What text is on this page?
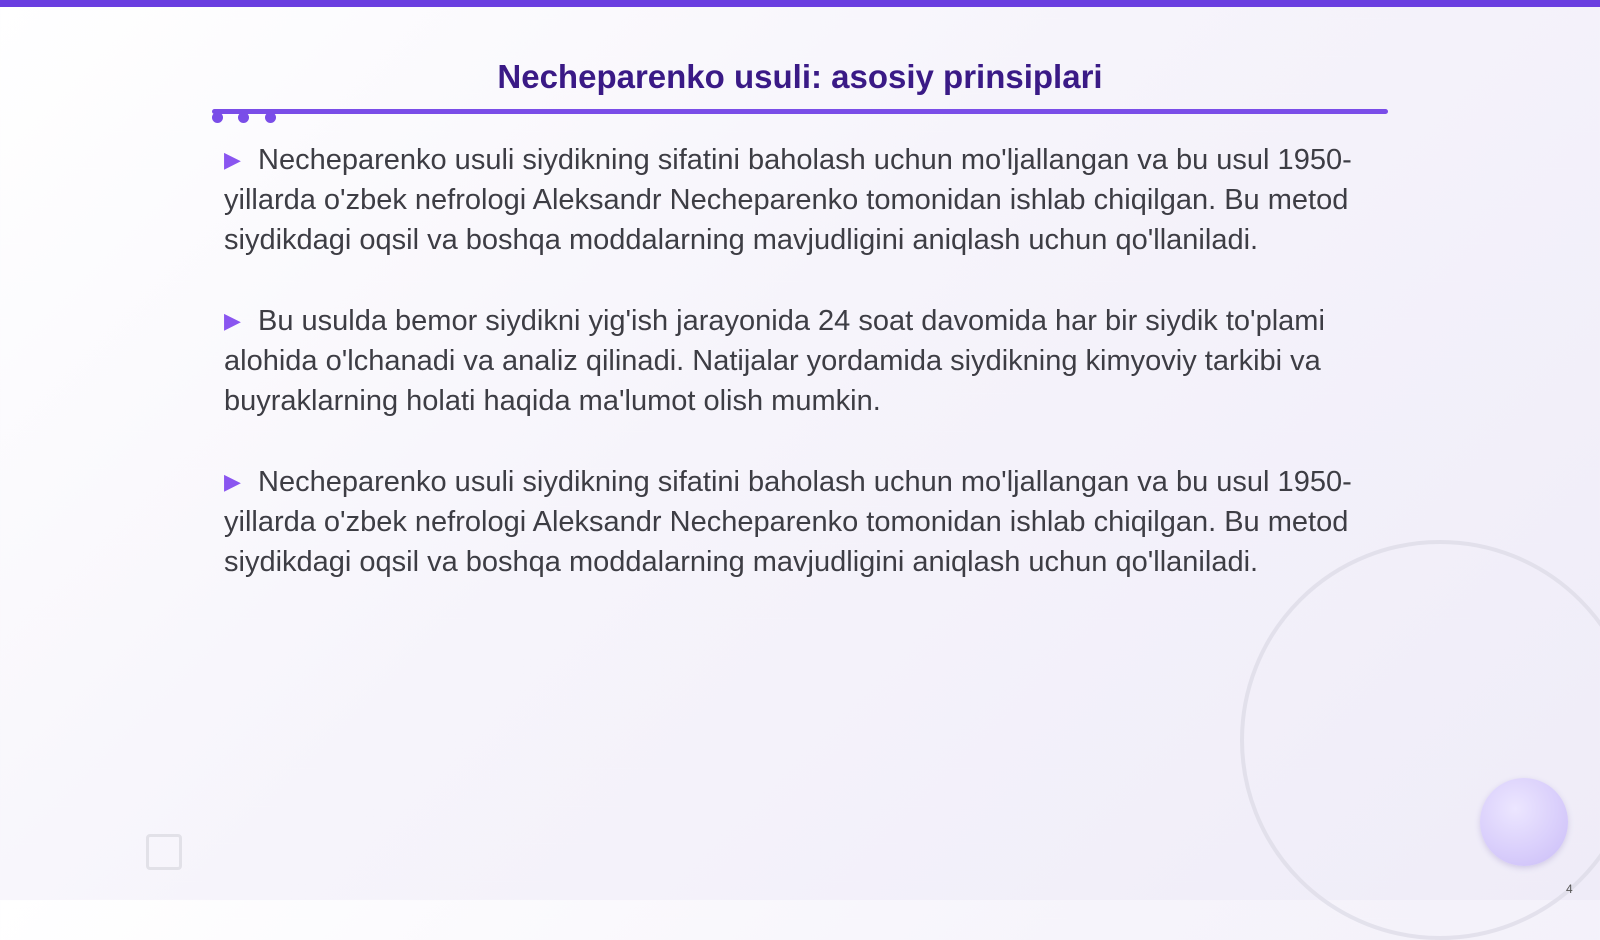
Necheparenko usuli: asosiy prinsiplari

▶ Necheparenko usuli siydikning sifatini baholash uchun mo'ljallangan va bu usul 1950-yillarda o'zbek nefrologi Aleksandr Necheparenko tomonidan ishlab chiqilgan. Bu metod siydikdagi oqsil va boshqa moddalarning mavjudligini aniqlash uchun qo'llaniladi.

▶ Bu usulda bemor siydikni yig'ish jarayonida 24 soat davomida har bir siydik to'plami alohida o'lchanadi va analiz qilinadi. Natijalar yordamida siydikning kimyoviy tarkibi va buyraklarning holati haqida ma'lumot olish mumkin.

▶ Necheparenko usuli siydikning sifatini baholash uchun mo'ljallangan va bu usul 1950-yillarda o'zbek nefrologi Aleksandr Necheparenko tomonidan ishlab chiqilgan. Bu metod siydikdagi oqsil va boshqa moddalarning mavjudligini aniqlash uchun qo'llaniladi.

4
